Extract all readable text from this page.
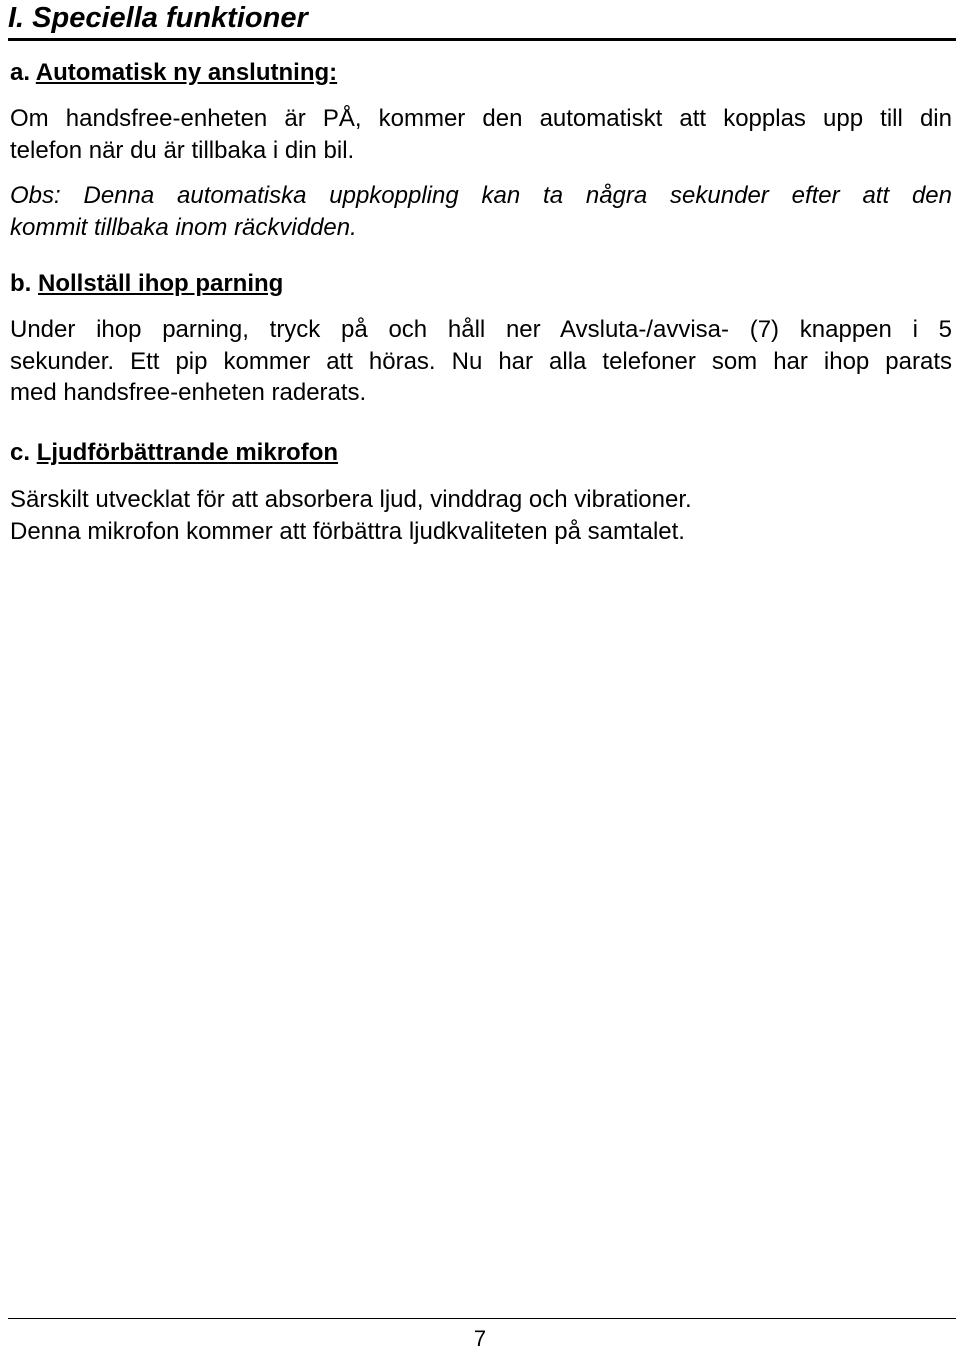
I. Speciella funktioner
a. Automatisk ny anslutning:
Om handsfree-enheten är PÅ, kommer den automatiskt att kopplas upp till din
telefon när du är tillbaka i din bil.
Obs: Denna automatiska uppkoppling kan ta några sekunder efter att den
kommit tillbaka inom räckvidden.
b. Nollställ ihop parning
Under ihop parning, tryck på och håll ner Avsluta-/avvisa- (7) knappen i 5
sekunder. Ett pip kommer att höras. Nu har alla telefoner som har ihop parats
med handsfree-enheten raderats.
c. Ljudförbättrande mikrofon
Särskilt utvecklat för att absorbera ljud, vinddrag och vibrationer.
Denna mikrofon kommer att förbättra ljudkvaliteten på samtalet.
7
